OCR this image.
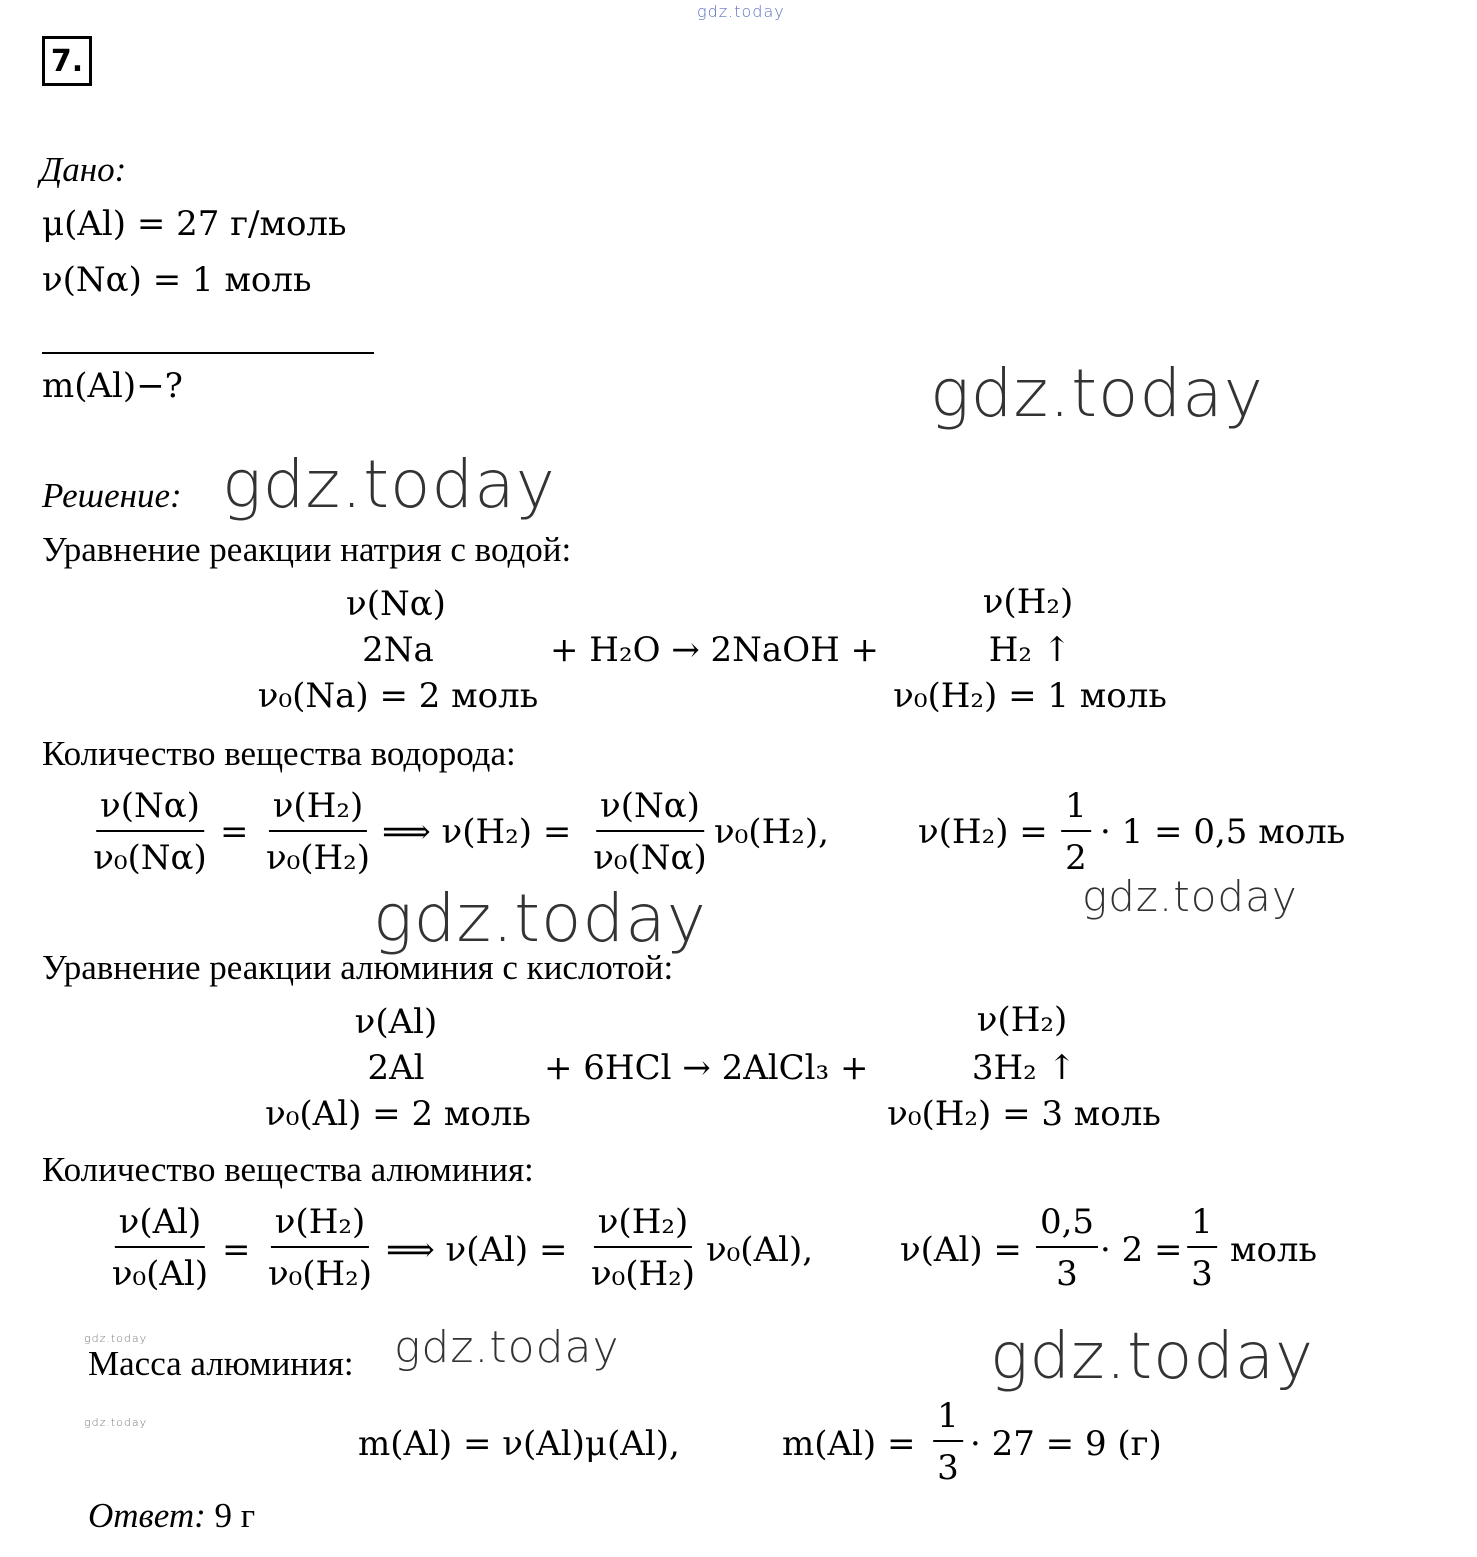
gdz.today
gdz.today
gdz.today
gdz.today	gdz.today
gdz.today	gdz.today
gdz.today
gdz.today
7.
Дано:
μ(Al) = 27 г/моль
ν(Nα) = 1 моль
m(Al)−?
Решение:
Уравнение реакции натрия с водой:
ν(Nα)
2Na
ν₀(Na) = 2 моль
+ H₂O → 2NaOH +
ν(H₂)
H₂ ↑
ν₀(H₂) = 1 моль
Количество вещества водорода:
$\frac{\nu(N\alpha)}{\text{ν₀(Nα)}} = \frac{\text{ν(H₂)}}{\text{ν₀(H₂)}}$ ⟹ $\nu(H_2) = \frac{\nu(N\alpha)}{\text{ν₀(Nα)}} \nu_0(H_2)$,	$\nu(H_2) = \frac{1}{2} \cdot 1 = 0,5$ моль
Уравнение реакции алюминия с кислотой:
ν(Al)
2Al
ν₀(Al) = 2 моль
+ 6HCl → 2AlCl₃ +
ν(H₂)
3H₂ ↑
ν₀(H₂) = 3 моль
Количество вещества алюминия:
$\frac{\nu(Al)}{\text{ν₀(Al)}} = \frac{\text{ν(H₂)}}{\text{ν₀(H₂)}}$ ⟹ $\nu(Al) = \frac{\text{ν(H₂)}}{\text{ν₀(H₂)}} \nu_0(Al)$,	$\nu(Al) = \frac{0,5}{3} \cdot 2 = \frac{1}{3}$ моль
Масса алюминия:
m(Al) = ν(Al)μ(Al),	$m(Al) = \frac{1}{3} \cdot 27 = 9$ (г)
Ответ: 9 г
